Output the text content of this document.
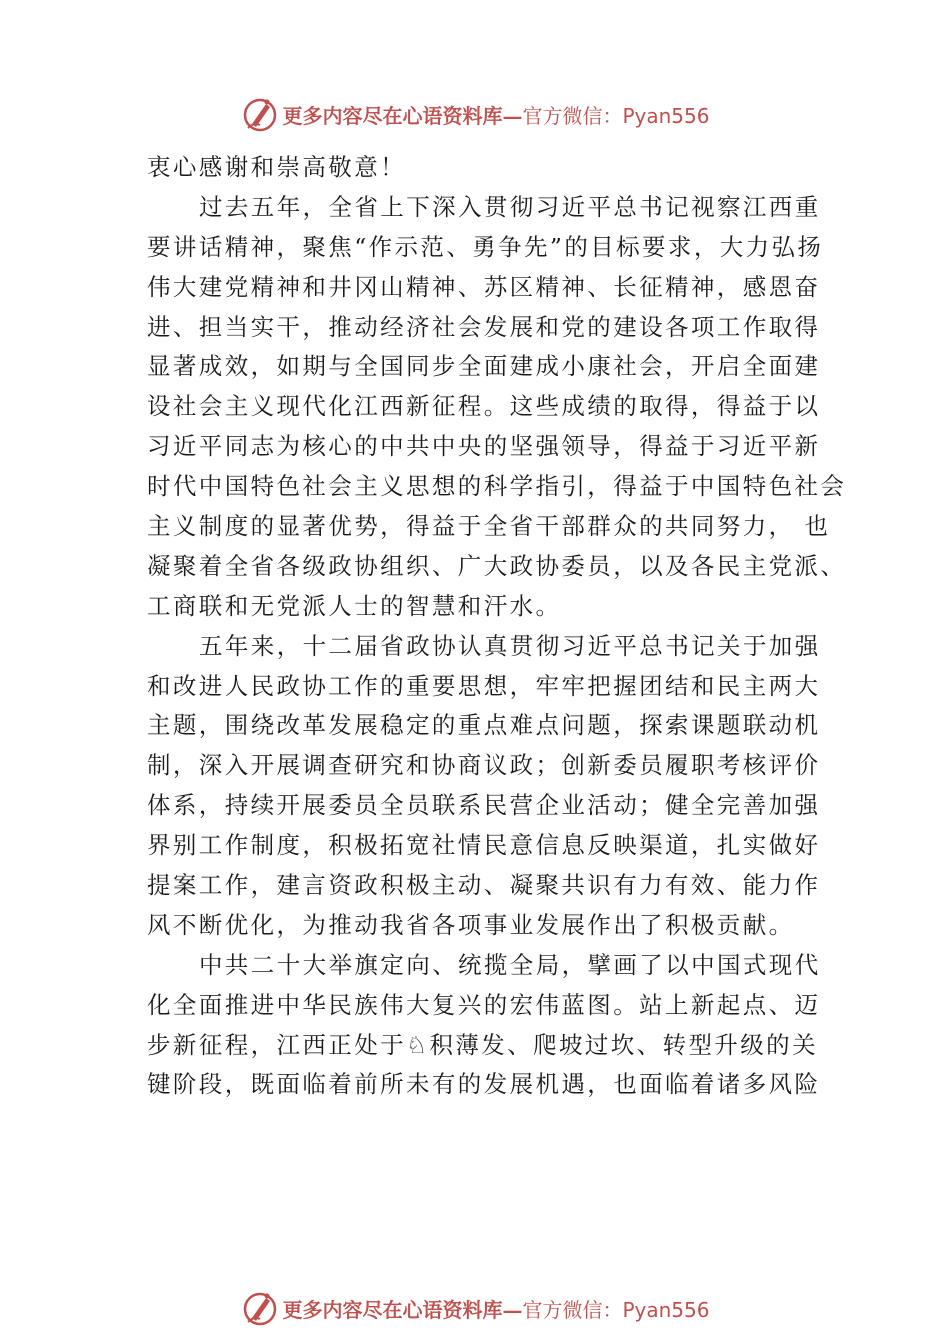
更多内容尽在心语资料库— 官方微信：Pyan556
衷心感谢和崇高敬意！
过去五年，全省上下深入贯彻习近平总书记视察江西重
要讲话精神，聚焦“作示范、勇争先”的目标要求，大力弘扬
伟大建党精神和井冈山精神、苏区精神、长征精神，感恩奋
进、担当实干，推动经济社会发展和党的建设各项工作取得
显著成效，如期与全国同步全面建成小康社会，开启全面建
设社会主义现代化江西新征程。这些成绩的取得，得益于以
习近平同志为核心的中共中央的坚强领导，得益于习近平新
时代中国特色社会主义思想的科学指引，得益于中国特色社会
主义制度的显著优势，得益于全省干部群众的共同努力， 也
凝聚着全省各级政协组织、广大政协委员，以及各民主党派、
工商联和无党派人士的智慧和汗水。
五年来，十二届省政协认真贯彻习近平总书记关于加强
和改进人民政协工作的重要思想，牢牢把握团结和民主两大
主题，围绕改革发展稳定的重点难点问题，探索课题联动机
制，深入开展调查研究和协商议政；创新委员履职考核评价
体系，持续开展委员全员联系民营企业活动；健全完善加强
界别工作制度，积极拓宽社情民意信息反映渠道，扎实做好
提案工作，建言资政积极主动、凝聚共识有力有效、能力作
风不断优化，为推动我省各项事业发展作出了积极贡献。
中共二十大举旗定向、统揽全局，擘画了以中国式现代
化全面推进中华民族伟大复兴的宏伟蓝图。站上新起点、迈
步新征程，江西正处于♘积薄发、爬坡过坎、转型升级的关
键阶段，既面临着前所未有的发展机遇，也面临着诸多风险
更多内容尽在心语资料库— 官方微信：Pyan556
